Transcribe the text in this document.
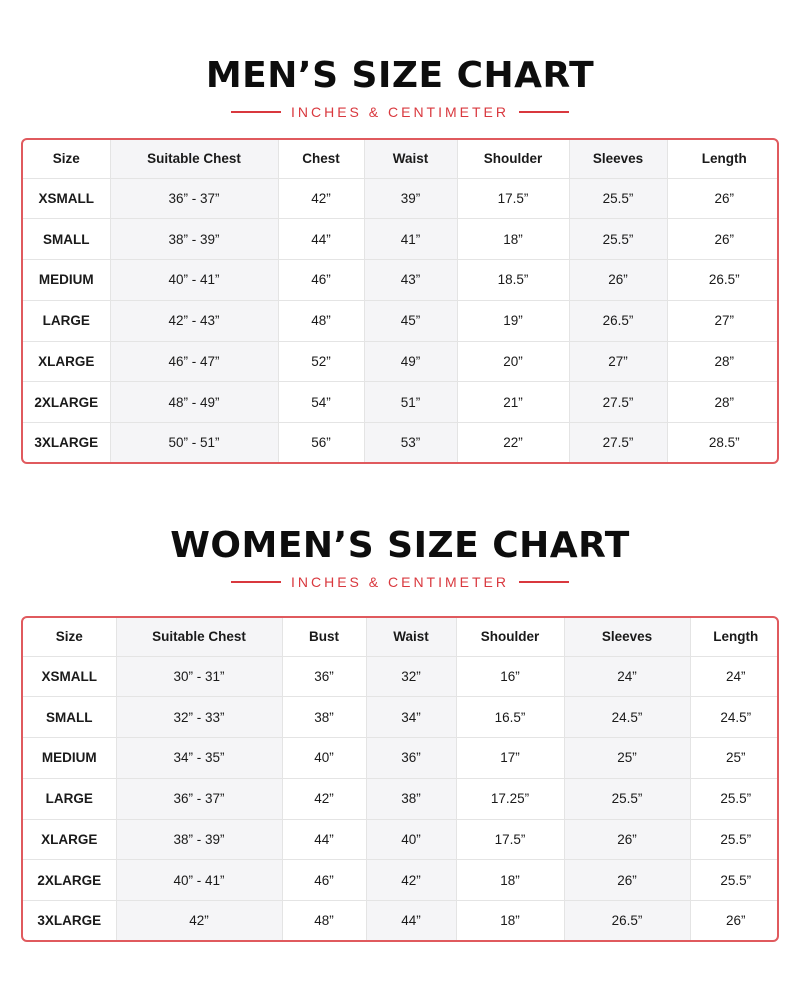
MEN’S SIZE CHART
INCHES & CENTIMETER
Size	Suitable Chest	Chest	Waist	Shoulder	Sleeves	Length
XSMALL	36” - 37”	42”	39”	17.5”	25.5”	26”
SMALL	38” - 39”	44”	41”	18”	25.5”	26”
MEDIUM	40” - 41”	46”	43”	18.5”	26”	26.5”
LARGE	42” - 43”	48”	45”	19”	26.5”	27”
XLARGE	46” - 47”	52”	49”	20”	27”	28”
2XLARGE	48” - 49”	54”	51”	21”	27.5”	28”
3XLARGE	50” - 51”	56”	53”	22”	27.5”	28.5”
WOMEN’S SIZE CHART
INCHES & CENTIMETER
Size	Suitable Chest	Bust	Waist	Shoulder	Sleeves	Length
XSMALL	30” - 31”	36”	32”	16”	24”	24”
SMALL	32” - 33”	38”	34”	16.5”	24.5”	24.5”
MEDIUM	34” - 35”	40”	36”	17”	25”	25”
LARGE	36” - 37”	42”	38”	17.25”	25.5”	25.5”
XLARGE	38” - 39”	44”	40”	17.5”	26”	25.5”
2XLARGE	40” - 41”	46”	42”	18”	26”	25.5”
3XLARGE	42”	48”	44”	18”	26.5”	26”
